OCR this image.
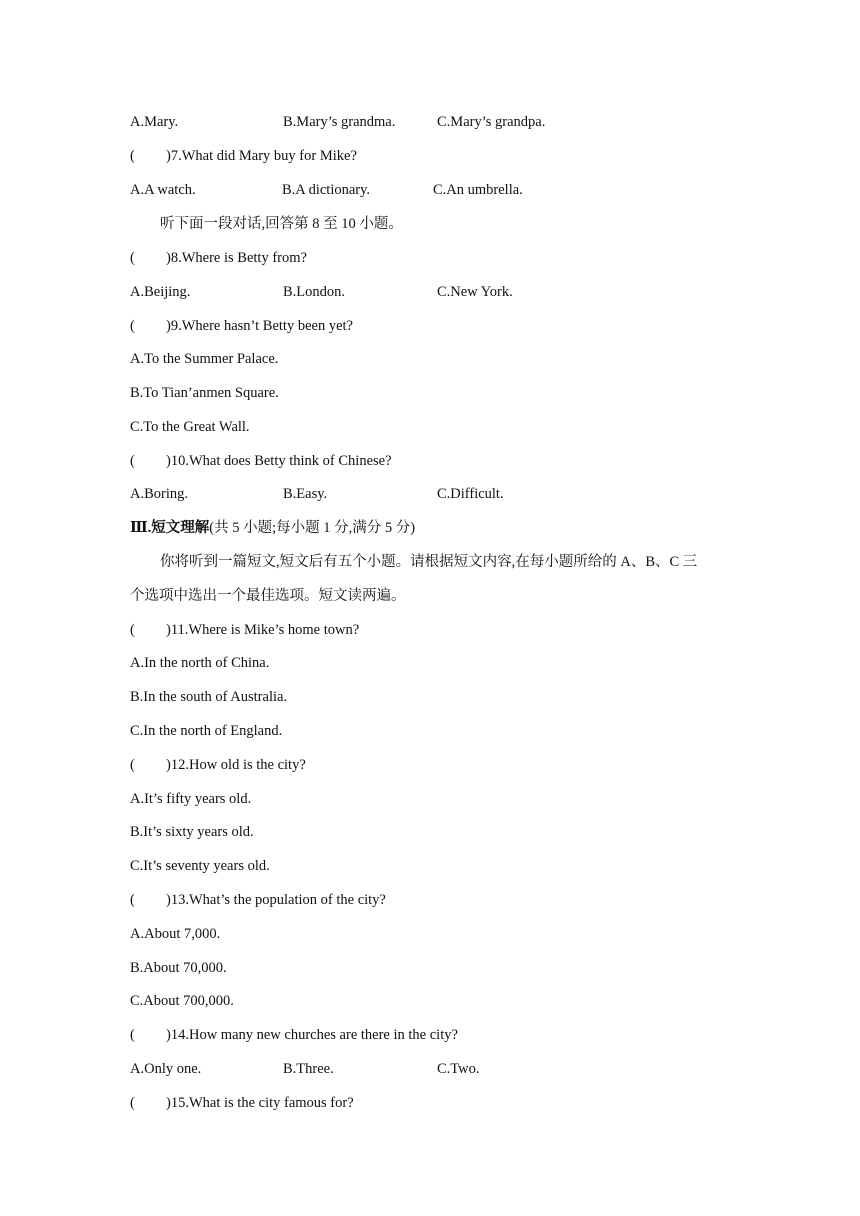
A.Mary.	B.Mary’s grandma.	C.Mary’s grandpa.
( )7.What did Mary buy for Mike?
A.A watch.	B.A dictionary.	C.An umbrella.
听下面一段对话,回答第 8 至 10 小题。
( )8.Where is Betty from?
A.Beijing.	B.London.	C.New York.
( )9.Where hasn’t Betty been yet?
A.To the Summer Palace.
B.To Tian’anmen Square.
C.To the Great Wall.
( )10.What does Betty think of Chinese?
A.Boring.	B.Easy.	C.Difficult.
Ⅲ.短文理解(共 5 小题;每小题 1 分,满分 5 分)
你将听到一篇短文,短文后有五个小题。请根据短文内容,在每小题所给的 A、B、C 三
个选项中选出一个最佳选项。短文读两遍。
( )11.Where is Mike’s home town?
A.In the north of China.
B.In the south of Australia.
C.In the north of England.
( )12.How old is the city?
A.It’s fifty years old.
B.It’s sixty years old.
C.It’s seventy years old.
( )13.What’s the population of the city?
A.About 7,000.
B.About 70,000.
C.About 700,000.
( )14.How many new churches are there in the city?
A.Only one.	B.Three.	C.Two.
( )15.What is the city famous for?
